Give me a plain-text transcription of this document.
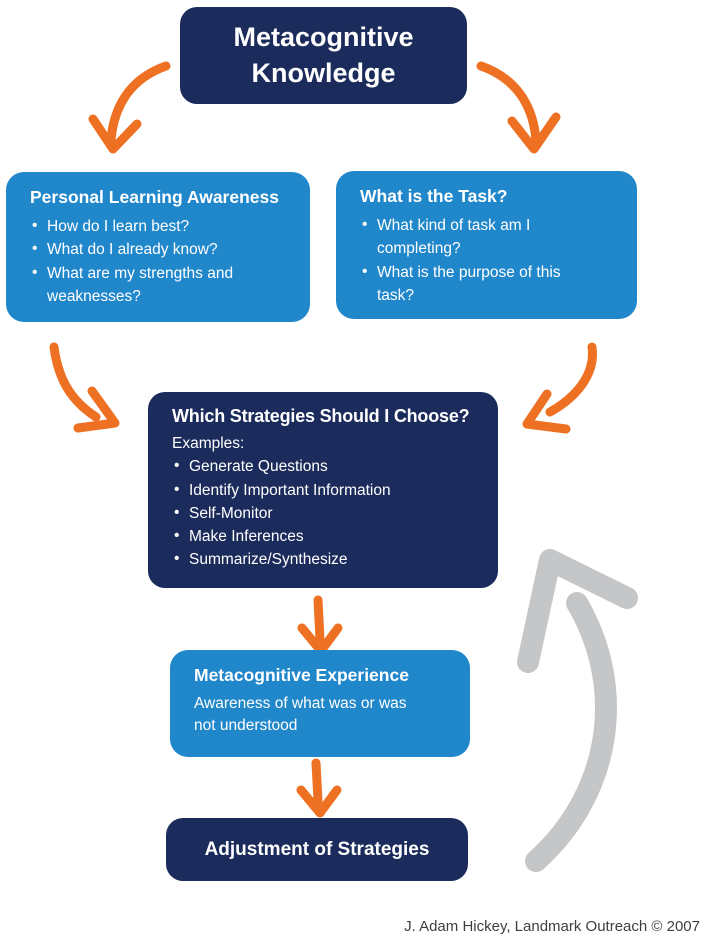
Metacognitive Knowledge
Personal Learning Awareness
• How do I learn best?
• What do I already know?
• What are my strengths and weaknesses?
What is the Task?
• What kind of task am I completing?
• What is the purpose of this task?
Which Strategies Should I Choose?
Examples:
• Generate Questions
• Identify Important Information
• Self-Monitor
• Make Inferences
• Summarize/Synthesize
Metacognitive Experience
Awareness of what was or was not understood
Adjustment of Strategies
J. Adam Hickey, Landmark Outreach © 2007
